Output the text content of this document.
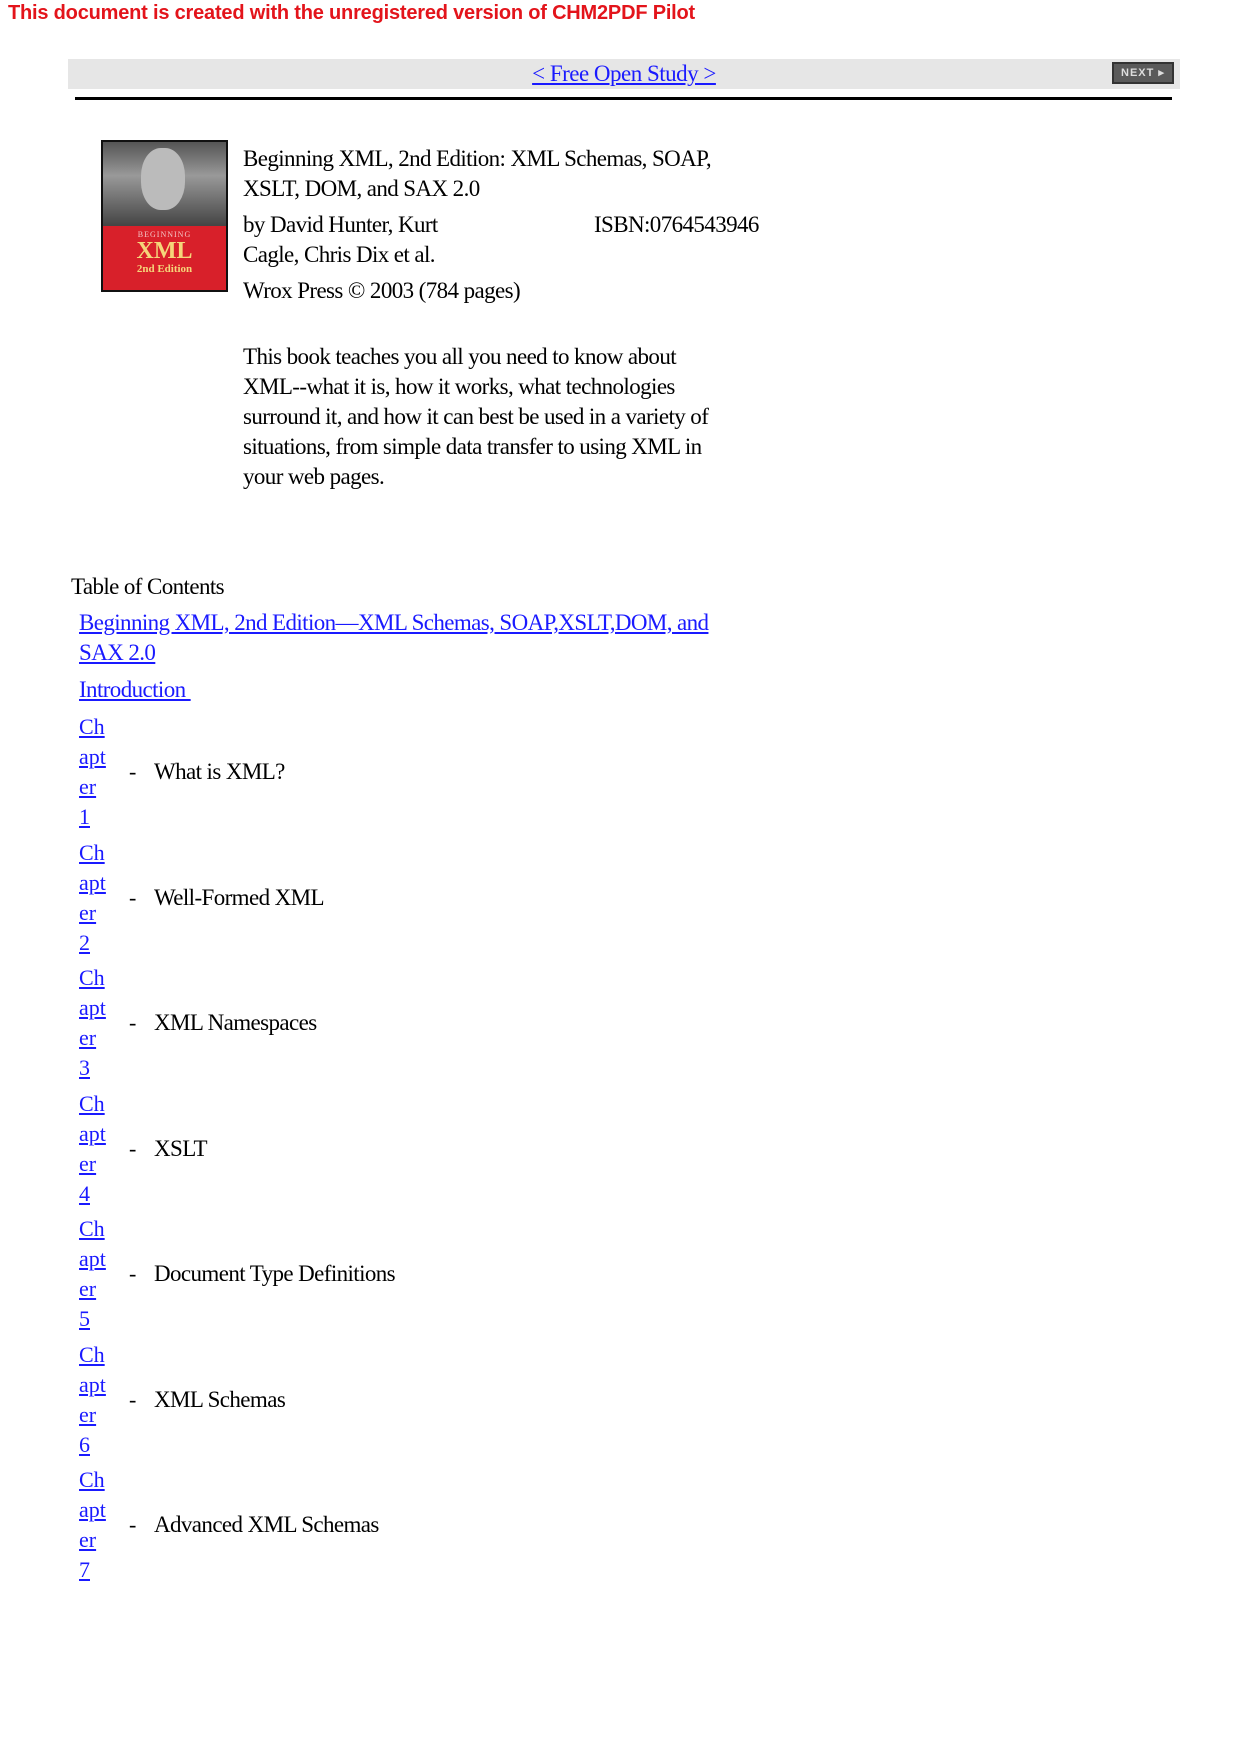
This document is created with the unregistered version of CHM2PDF Pilot
< Free Open Study >	NEXT ▸
BEGINNING
XML
2nd Edition
Beginning XML, 2nd Edition: XML Schemas, SOAP,
XSLT, DOM, and SAX 2.0
by David Hunter, Kurt
Cagle, Chris Dix et al.
ISBN:0764543946
Wrox Press © 2003 (784 pages)
This book teaches you all you need to know about
XML--what it is, how it works, what technologies
surround it, and how it can best be used in a variety of
situations, from simple data transfer to using XML in
your web pages.
Table of Contents
Beginning XML, 2nd Edition—XML Schemas, SOAP,XSLT,DOM, and
SAX 2.0
Introduction
Chapter 1
- What is XML?
Chapter 2
- Well-Formed XML
Chapter 3
- XML Namespaces
Chapter 4
- XSLT
Chapter 5
- Document Type Definitions
Chapter 6
- XML Schemas
Chapter 7
- Advanced XML Schemas
